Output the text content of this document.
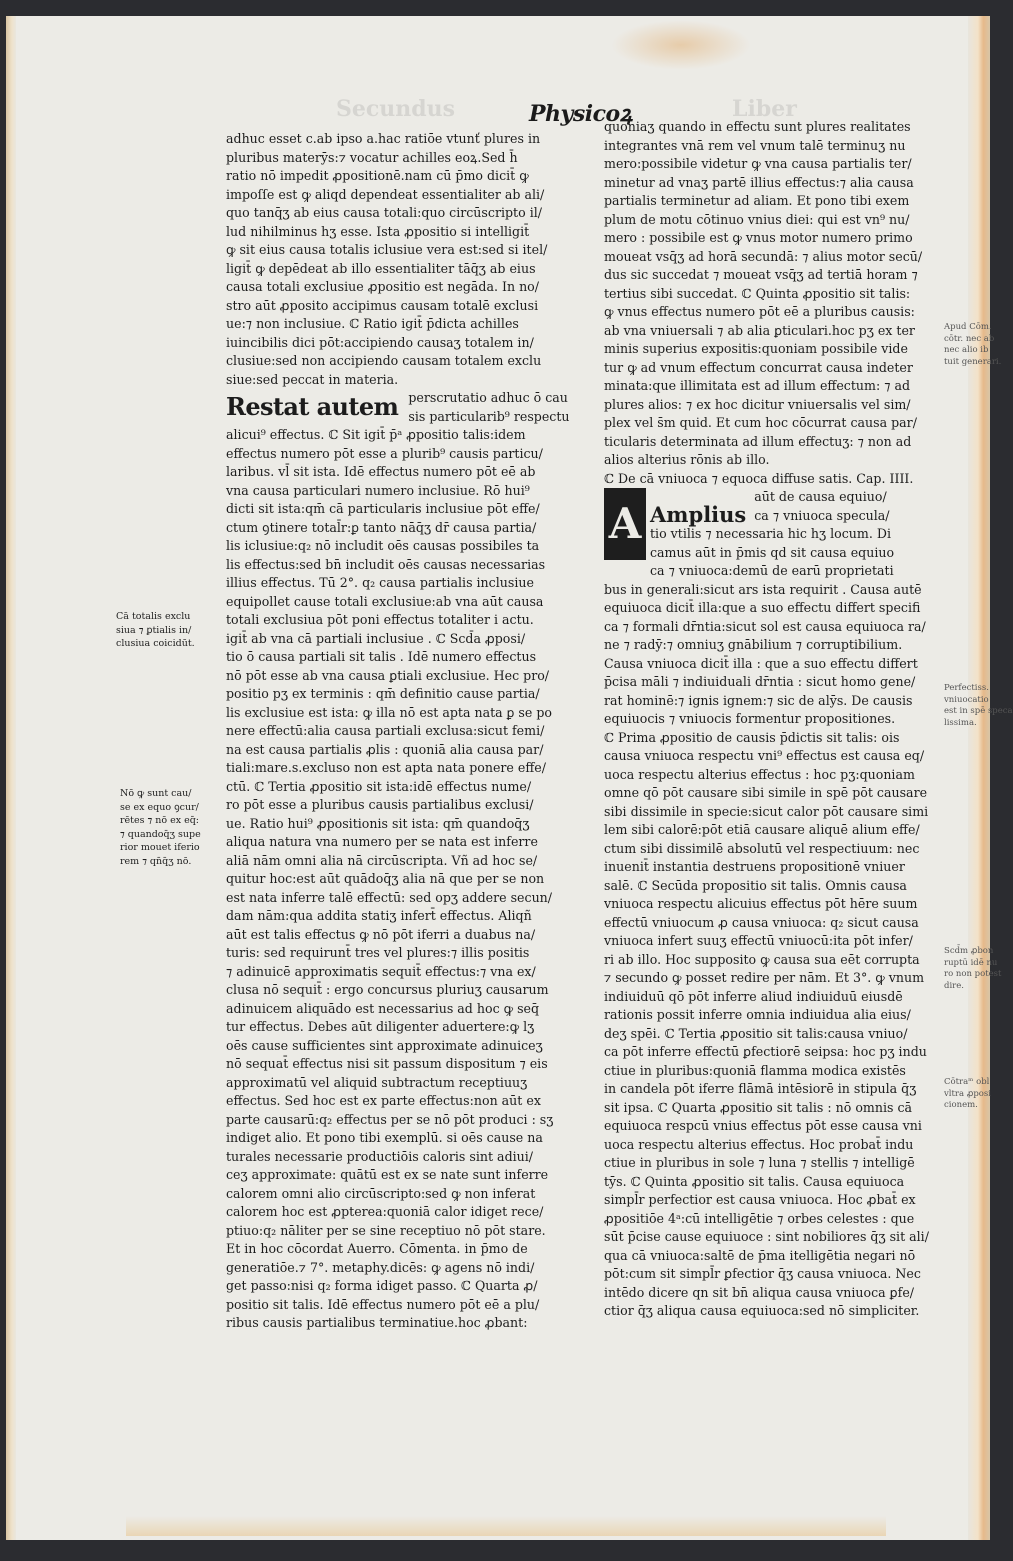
Liber
Secundus	Physicoꝝ
adhuc esset c.ab ipso a.hac ratiōe vtunť plures in
pluribus materȳs:⁊ vocatur achilles eoꝝ.Sed h̄
ratio nō impedit ꝓpositionē.nam cū p̄mo dicit̄ ꝙ
impoſſe est ꝙ aliqd dependeat essentialiter ab ali/
quo tanq̄ʒ ab eius causa totali:quo circūscripto il/
lud nihilminus hʒ esse. Ista ꝓpositio si intelligit̄
ꝙ sit eius causa totalis iclusiue vera est:sed si itel/
ligit̄ ꝙ depēdeat ab illo essentialiter tāq̄ʒ ab eius
causa totali exclusiue ꝓpositio est negāda. In no/
stro aūt ꝓposito accipimus causam totalē exclusi
ue:⁊ non inclusiue. ℂ Ratio igit̄ p̄dicta achilles
iuincibilis dici pōt:accipiendo causaʒ totalem in/
clusiue:sed non accipiendo causam totalem exclu
siue:sed peccat in materia.
Restat autem perscrutatio adhuc ō cau
sis particularib⁹ respectu
alicui⁹ effectus. ℂ Sit igit̄ p̄ᵃ ꝓpositio talis:idem
effectus numero pōt esse a plurib⁹ causis particu/
laribus. vl̄ sit ista. Idē effectus numero pōt eē ab
vna causa particulari numero inclusiue. Rō hui⁹
dicti sit ista:qm̄ cā particularis inclusiue pōt effe/
ctum ꝯtinere total̄r:ꝑ tanto nāq̄ʒ dr̄ causa partia/
lis iclusiue:q₂ nō includit oēs causas possibiles ta
lis effectus:sed bn̄ includit oēs causas necessarias
illius effectus. Tū 2°. q₂ causa partialis inclusiue
equipollet cause totali exclusiue:ab vna aūt causa
totali exclusiua pōt poni effectus totaliter i actu.
igit̄ ab vna cā partiali inclusiue . ℂ Scd̄a ꝓposi/
tio ō causa partiali sit talis . Idē numero effectus
nō pōt esse ab vna causa ꝑtiali exclusiue. Hec pro/
positio pʒ ex terminis : qm̄ definitio cause partia/
lis exclusiue est ista: ꝙ illa nō est apta nata ꝑ se po
nere effectū:alia causa partiali exclusa:sicut femi/
na est causa partialis ꝓlis : quoniā alia causa par/
tiali:mare.s.excluso non est apta nata ponere effe/
ctū. ℂ Tertia ꝓpositio sit ista:idē effectus nume/
ro pōt esse a pluribus causis partialibus exclusi/
ue. Ratio hui⁹ ꝓpositionis sit ista: qm̄ quandoq̄ʒ
aliqua natura vna numero per se nata est inferre
aliā nām omni alia nā circūscripta. Vñ ad hoc se/
quitur hoc:est aūt quādoq̄ʒ alia nā que per se non
est nata inferre talē effectū: sed opʒ addere secun/
dam nām:qua addita statiʒ infert̄ effectus. Aliqñ
aūt est talis effectus ꝙ nō pōt iferri a duabus na/
turis: sed requirunt̄ tres vel plures:⁊ illis positis
⁊ adinuicē approximatis sequit̄ effectus:⁊ vna ex/
clusa nō sequit̄ : ergo concursus pluriuʒ causarum
adinuicem aliquādo est necessarius ad hoc ꝙ seq̄
tur effectus. Debes aūt diligenter aduertere:ꝙ lʒ
oēs cause sufficientes sint approximate adinuiceʒ
nō sequat̄ effectus nisi sit passum dispositum ⁊ eis
approximatū vel aliquid subtractum receptiuuʒ
effectus. Sed hoc est ex parte effectus:non aūt ex
parte causarū:q₂ effectus per se nō pōt produci : sʒ
indiget alio. Et pono tibi exemplū. si oēs cause na
turales necessarie productiōis caloris sint adiui/
ceʒ approximate: quātū est ex se nate sunt inferre
calorem omni alio circūscripto:sed ꝙ non inferat
calorem hoc est ꝓpterea:quoniā calor idiget rece/
ptiuo:q₂ nāliter per se sine receptiuo nō pōt stare.
Et in hoc cōcordat Auerro. Cōmenta. in p̄mo de
generatiōe.⁊ 7°. metaphy.dicēs: ꝙ agens nō indi/
get passo:nisi q₂ forma idiget passo. ℂ Quarta ꝓ/
positio sit talis. Idē effectus numero pōt eē a plu/
ribus causis partialibus terminatiue.hoc ꝓbant:
quoniaʒ quando in effectu sunt plures realitates
integrantes vnā rem vel vnum talē terminuʒ nu
mero:possibile videtur ꝙ vna causa partialis ter/
minetur ad vnaʒ partē illius effectus:⁊ alia causa
partialis terminetur ad aliam. Et pono tibi exem
plum de motu cōtinuo vnius diei: qui est vn⁹ nu/
mero : possibile est ꝙ vnus motor numero primo
moueat vsq̄ʒ ad horā secundā: ⁊ alius motor secū/
dus sic succedat ⁊ moueat vsq̄ʒ ad tertiā horam ⁊
tertius sibi succedat. ℂ Quinta ꝓpositio sit talis:
ꝙ vnus effectus numero pōt eē a pluribus causis:
ab vna vniuersali ⁊ ab alia ꝑticulari.hoc pʒ ex ter
minis superius expositis:quoniam possibile vide
tur ꝙ ad vnum effectum concurrat causa indeter
minata:que illimitata est ad illum effectum: ⁊ ad
plures alios: ⁊ ex hoc dicitur vniuersalis vel sim/
plex vel s̄m quid. Et cum hoc cōcurrat causa par/
ticularis determinata ad illum effectuʒ: ⁊ non ad
alios alterius rōnis ab illo.
ℂ De cā vniuoca ⁊ equoca diffuse satis. Cap. IIII.
A Amplius
aūt de causa equiuo/
ca ⁊ vniuoca specula/
tio vtilis ⁊ necessaria hic hʒ locum. Di
camus aūt in p̄mis qd sit causa equiuo
ca ⁊ vniuoca:demū de earū proprietati
bus in generali:sicut ars ista requirit . Causa autē
equiuoca dicit̄ illa:que a suo effectu differt specifi
ca ⁊ formali dr̄ntia:sicut sol est causa equiuoca ra/
ne ⁊ radȳ:⁊ omniuʒ gnābilium ⁊ corruptibilium.
Causa vniuoca dicit̄ illa : que a suo effectu differt
p̄cisa māli ⁊ indiuiduali dr̄ntia : sicut homo gene/
rat hominē:⁊ ignis ignem:⁊ sic de alȳs. De causis
equiuocis ⁊ vniuocis formentur propositiones.
ℂ Prima ꝓpositio de causis p̄dictis sit talis: ois
causa vniuoca respectu vni⁹ effectus est causa eq/
uoca respectu alterius effectus : hoc pʒ:quoniam
omne qō pōt causare sibi simile in spē pōt causare
sibi dissimile in specie:sicut calor pōt causare simi
lem sibi calorē:pōt etiā causare aliquē alium effe/
ctum sibi dissimilē absolutū vel respectiuum: nec
inuenit̄ instantia destruens propositionē vniuer
salē. ℂ Secūda propositio sit talis. Omnis causa
vniuoca respectu alicuius effectus pōt hēre suum
effectū vniuocum ꝓ causa vniuoca: q₂ sicut causa
vniuoca infert suuʒ effectū vniuocū:ita pōt infer/
ri ab illo. Hoc supposito ꝙ causa sua eēt corrupta
⁊ secundo ꝙ posset redire per nām. Et 3°. ꝙ vnum
indiuiduū qō pōt inferre aliud indiuiduū eiusdē
rationis possit inferre omnia indiuidua alia eius/
deʒ spēi. ℂ Tertia ꝓpositio sit talis:causa vniuo/
ca pōt inferre effectū ꝑfectiorē seipsa: hoc pʒ indu
ctiue in pluribus:quoniā flamma modica existēs
in candela pōt iferre flāmā intēsiorē in stipula q̄ʒ
sit ipsa. ℂ Quarta ꝓpositio sit talis : nō omnis cā
equiuoca respcū vnius effectus pōt esse causa vni
uoca respectu alterius effectus. Hoc probat̄ indu
ctiue in pluribus in sole ⁊ luna ⁊ stellis ⁊ intelligē
tȳs. ℂ Quinta ꝓpositio sit talis. Causa equiuoca
simpl̄r perfectior est causa vniuoca. Hoc ꝓbat̄ ex
ꝓpositiōe 4ᵃ:cū intelligētie ⁊ orbes celestes : que
sūt p̄cise cause equiuoce : sint nobiliores q̄ʒ sit ali/
qua cā vniuoca:saltē de p̄ma itelligētia negari nō
pōt:cum sit simpl̄r ꝑfectior q̄ʒ causa vniuoca. Nec
intēdo dicere qn sit bn̄ aliqua causa vniuoca ꝑfe/
ctior q̄ʒ aliqua causa equiuoca:sed nō simpliciter.
Cā totalis exclu
siua ⁊ ꝑtialis in/
clusiua coicidūt.
Nō ꝙ sunt cau/
se ex equo ꝯcur/
rētes ⁊ nō ex eq̄:
⁊ quandoq̄ʒ supe
rior mouet iferio
rem ⁊ qn̄q̄ʒ nō.
Apud Cōm.
cōtr. nec ab
nec alio ib
tuit generari.
Perfectiss.
vniuocatio
est in spē speca
lissima.
Scd̄m ꝓbon
ruptū idē nu
ro non potest
dire.
Cōtraᵐ obl
vltra ꝓposi
cionem.
